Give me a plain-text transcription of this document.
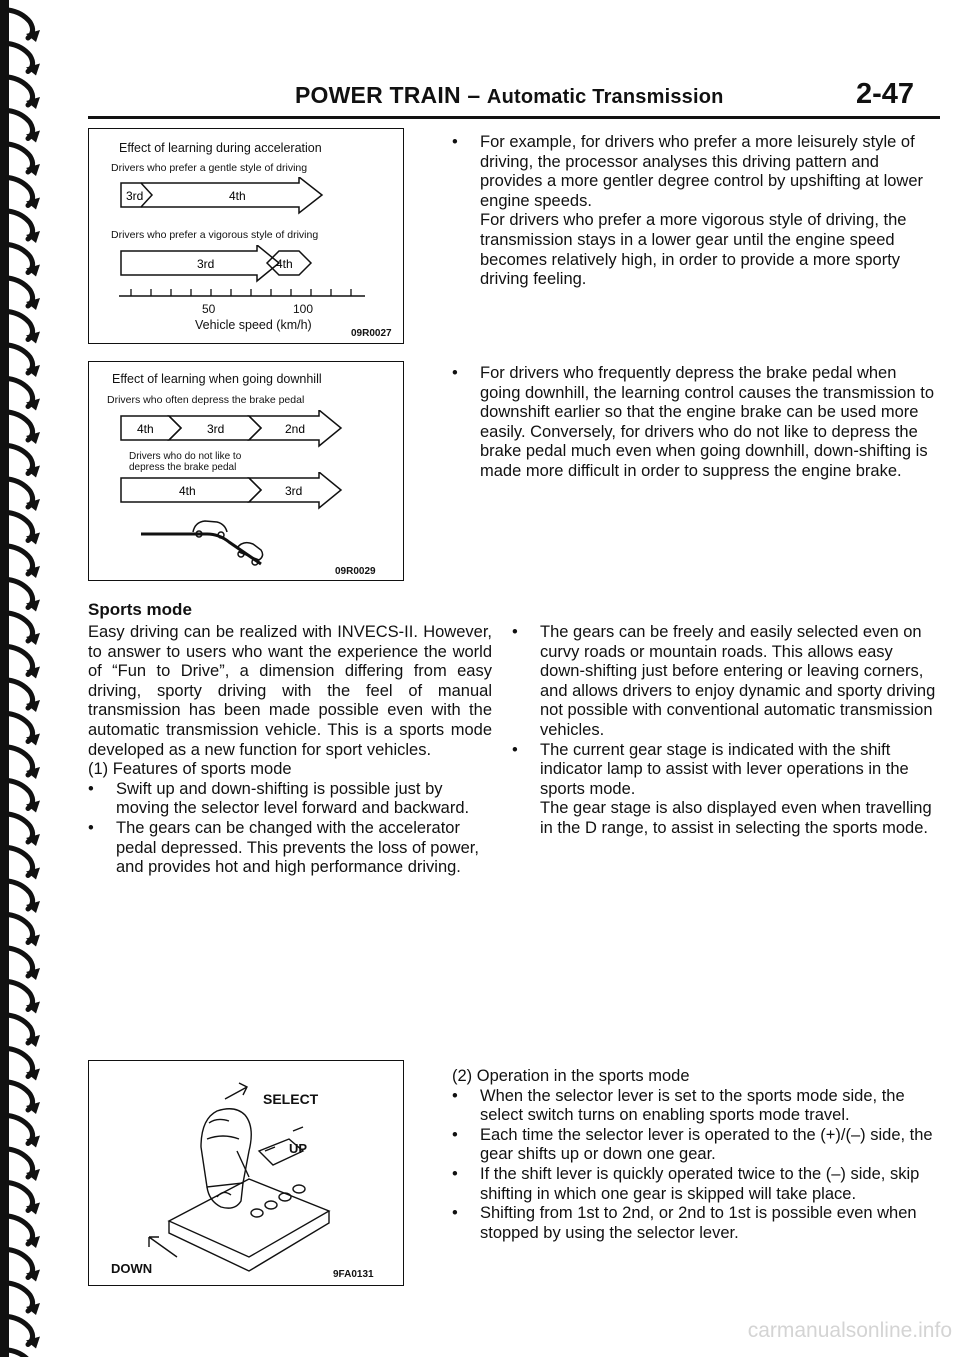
POWER TRAIN – Automatic Transmission	2-47
Effect of learning during acceleration
Drivers who prefer a gentle style of driving
3rd	4th
Drivers who prefer a vigorous style of driving
3rd	4th
50	100
Vehicle speed (km/h)
09R0027
Effect of learning when going downhill
Drivers who often depress the brake pedal
4th	3rd	2nd
Drivers who do not like to
depress the brake pedal
4th	3rd
09R0029
•	For example, for drivers who prefer a more leisurely style of driving, the processor analyses this driving pattern and provides a more gentler degree control by upshifting at lower engine speeds.

For drivers who prefer a more vigorous style of driving, the transmission stays in a lower gear until the engine speed becomes relatively high, in order to provide a more sporty driving feeling.

•	For drivers who frequently depress the brake pedal when going downhill, the learning control causes the transmission to downshift earlier so that the engine brake can be used more easily. Conversely, for drivers who do not like to depress the brake pedal much even when going downhill, down-shifting is made more difficult in order to suppress the engine brake.

Sports mode

Easy driving can be realized with INVECS-II. However, to answer to users who want the experience the world of “Fun to Drive”, a dimension differing from easy driving, sporty driving with the feel of manual transmission has been made possible even with the automatic transmission vehicle. This is a sports mode developed as a new function for sport vehicles.

(1) Features of sports mode

•	Swift up and down-shifting is possible just by moving the selector level forward and backward.

•	The gears can be changed with the accelerator pedal depressed. This prevents the loss of power, and provides hot and high performance driving.

•	The gears can be freely and easily selected even on curvy roads or mountain roads. This allows easy down-shifting just before entering or leaving corners, and allows drivers to enjoy dynamic and sporty driving not possible with conventional automatic transmission vehicles.

•	The current gear stage is indicated with the shift indicator lamp to assist with lever operations in the sports mode.

The gear stage is also displayed even when travelling in the D range, to assist in selecting the sports mode.

SELECT
UP
DOWN	9FA0131

(2) Operation in the sports mode

•	When the selector lever is set to the sports mode side, the select switch turns on enabling sports mode travel.

•	Each time the selector lever is operated to the (+)/(–) side, the gear shifts up or down one gear.

•	If the shift lever is quickly operated twice to the (–) side, skip shifting in which one gear is skipped will take place.

•	Shifting from 1st to 2nd, or 2nd to 1st is possible even when stopped by using the selector lever.

carmanualsonline.info
